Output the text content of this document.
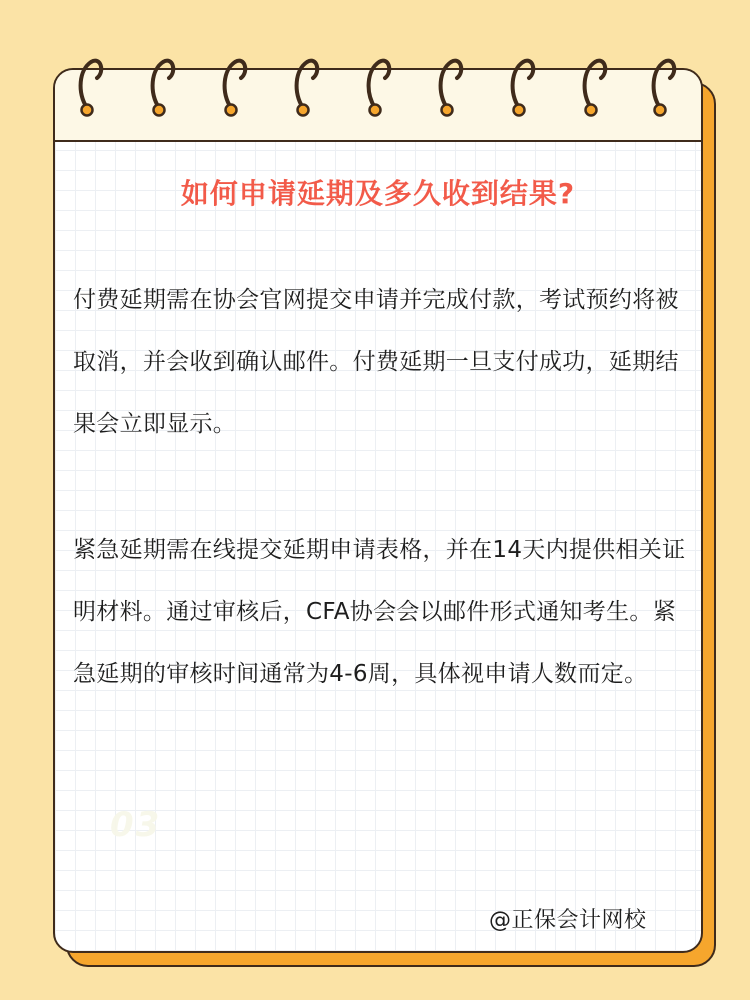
如何申请延期及多久收到结果?
付费延期需在协会官网提交申请并完成付款，考试预约将被取消，并会收到确认邮件。付费延期一旦支付成功，延期结果会立即显示。
紧急延期需在线提交延期申请表格，并在14天内提供相关证明材料。通过审核后，CFA协会会以邮件形式通知考生。紧急延期的审核时间通常为4-6周，具体视申请人数而定。
03
@正保会计网校
